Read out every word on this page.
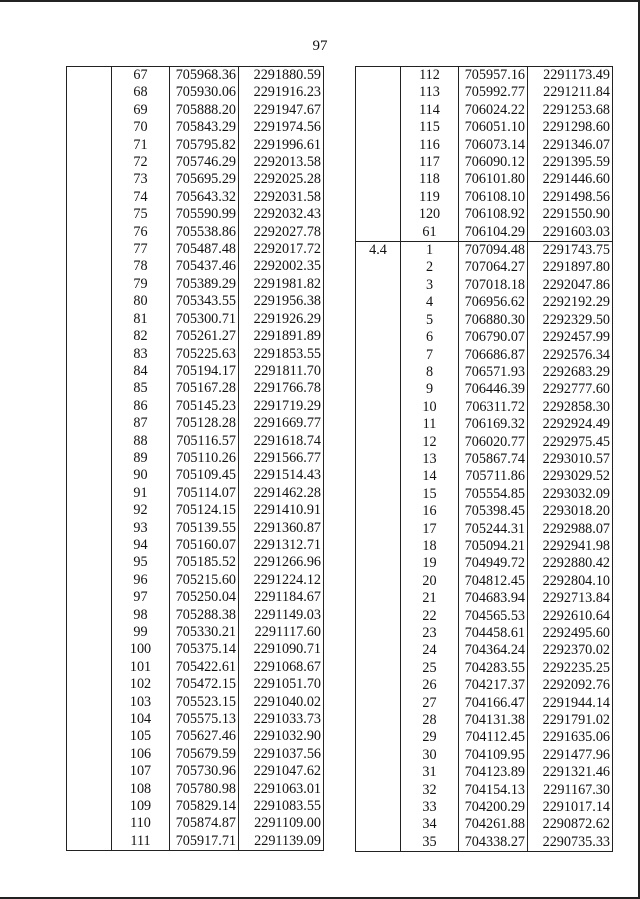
97
	67	705968.36	2291880.59
	68	705930.06	2291916.23
	69	705888.20	2291947.67
	70	705843.29	2291974.56
	71	705795.82	2291996.61
	72	705746.29	2292013.58
	73	705695.29	2292025.28
	74	705643.32	2292031.58
	75	705590.99	2292032.43
	76	705538.86	2292027.78
	77	705487.48	2292017.72
	78	705437.46	2292002.35
	79	705389.29	2291981.82
	80	705343.55	2291956.38
	81	705300.71	2291926.29
	82	705261.27	2291891.89
	83	705225.63	2291853.55
	84	705194.17	2291811.70
	85	705167.28	2291766.78
	86	705145.23	2291719.29
	87	705128.28	2291669.77
	88	705116.57	2291618.74
	89	705110.26	2291566.77
	90	705109.45	2291514.43
	91	705114.07	2291462.28
	92	705124.15	2291410.91
	93	705139.55	2291360.87
	94	705160.07	2291312.71
	95	705185.52	2291266.96
	96	705215.60	2291224.12
	97	705250.04	2291184.67
	98	705288.38	2291149.03
	99	705330.21	2291117.60
	100	705375.14	2291090.71
	101	705422.61	2291068.67
	102	705472.15	2291051.70
	103	705523.15	2291040.02
	104	705575.13	2291033.73
	105	705627.46	2291032.90
	106	705679.59	2291037.56
	107	705730.96	2291047.62
	108	705780.98	2291063.01
	109	705829.14	2291083.55
	110	705874.87	2291109.00
	111	705917.71	2291139.09
	112	705957.16	2291173.49
	113	705992.77	2291211.84
	114	706024.22	2291253.68
	115	706051.10	2291298.60
	116	706073.14	2291346.07
	117	706090.12	2291395.59
	118	706101.80	2291446.60
	119	706108.10	2291498.56
	120	706108.92	2291550.90
	61	706104.29	2291603.03
4.4	1	707094.48	2291743.75
	2	707064.27	2291897.80
	3	707018.18	2292047.86
	4	706956.62	2292192.29
	5	706880.30	2292329.50
	6	706790.07	2292457.99
	7	706686.87	2292576.34
	8	706571.93	2292683.29
	9	706446.39	2292777.60
	10	706311.72	2292858.30
	11	706169.32	2292924.49
	12	706020.77	2292975.45
	13	705867.74	2293010.57
	14	705711.86	2293029.52
	15	705554.85	2293032.09
	16	705398.45	2293018.20
	17	705244.31	2292988.07
	18	705094.21	2292941.98
	19	704949.72	2292880.42
	20	704812.45	2292804.10
	21	704683.94	2292713.84
	22	704565.53	2292610.64
	23	704458.61	2292495.60
	24	704364.24	2292370.02
	25	704283.55	2292235.25
	26	704217.37	2292092.76
	27	704166.47	2291944.14
	28	704131.38	2291791.02
	29	704112.45	2291635.06
	30	704109.95	2291477.96
	31	704123.89	2291321.46
	32	704154.13	2291167.30
	33	704200.29	2291017.14
	34	704261.88	2290872.62
	35	704338.27	2290735.33
